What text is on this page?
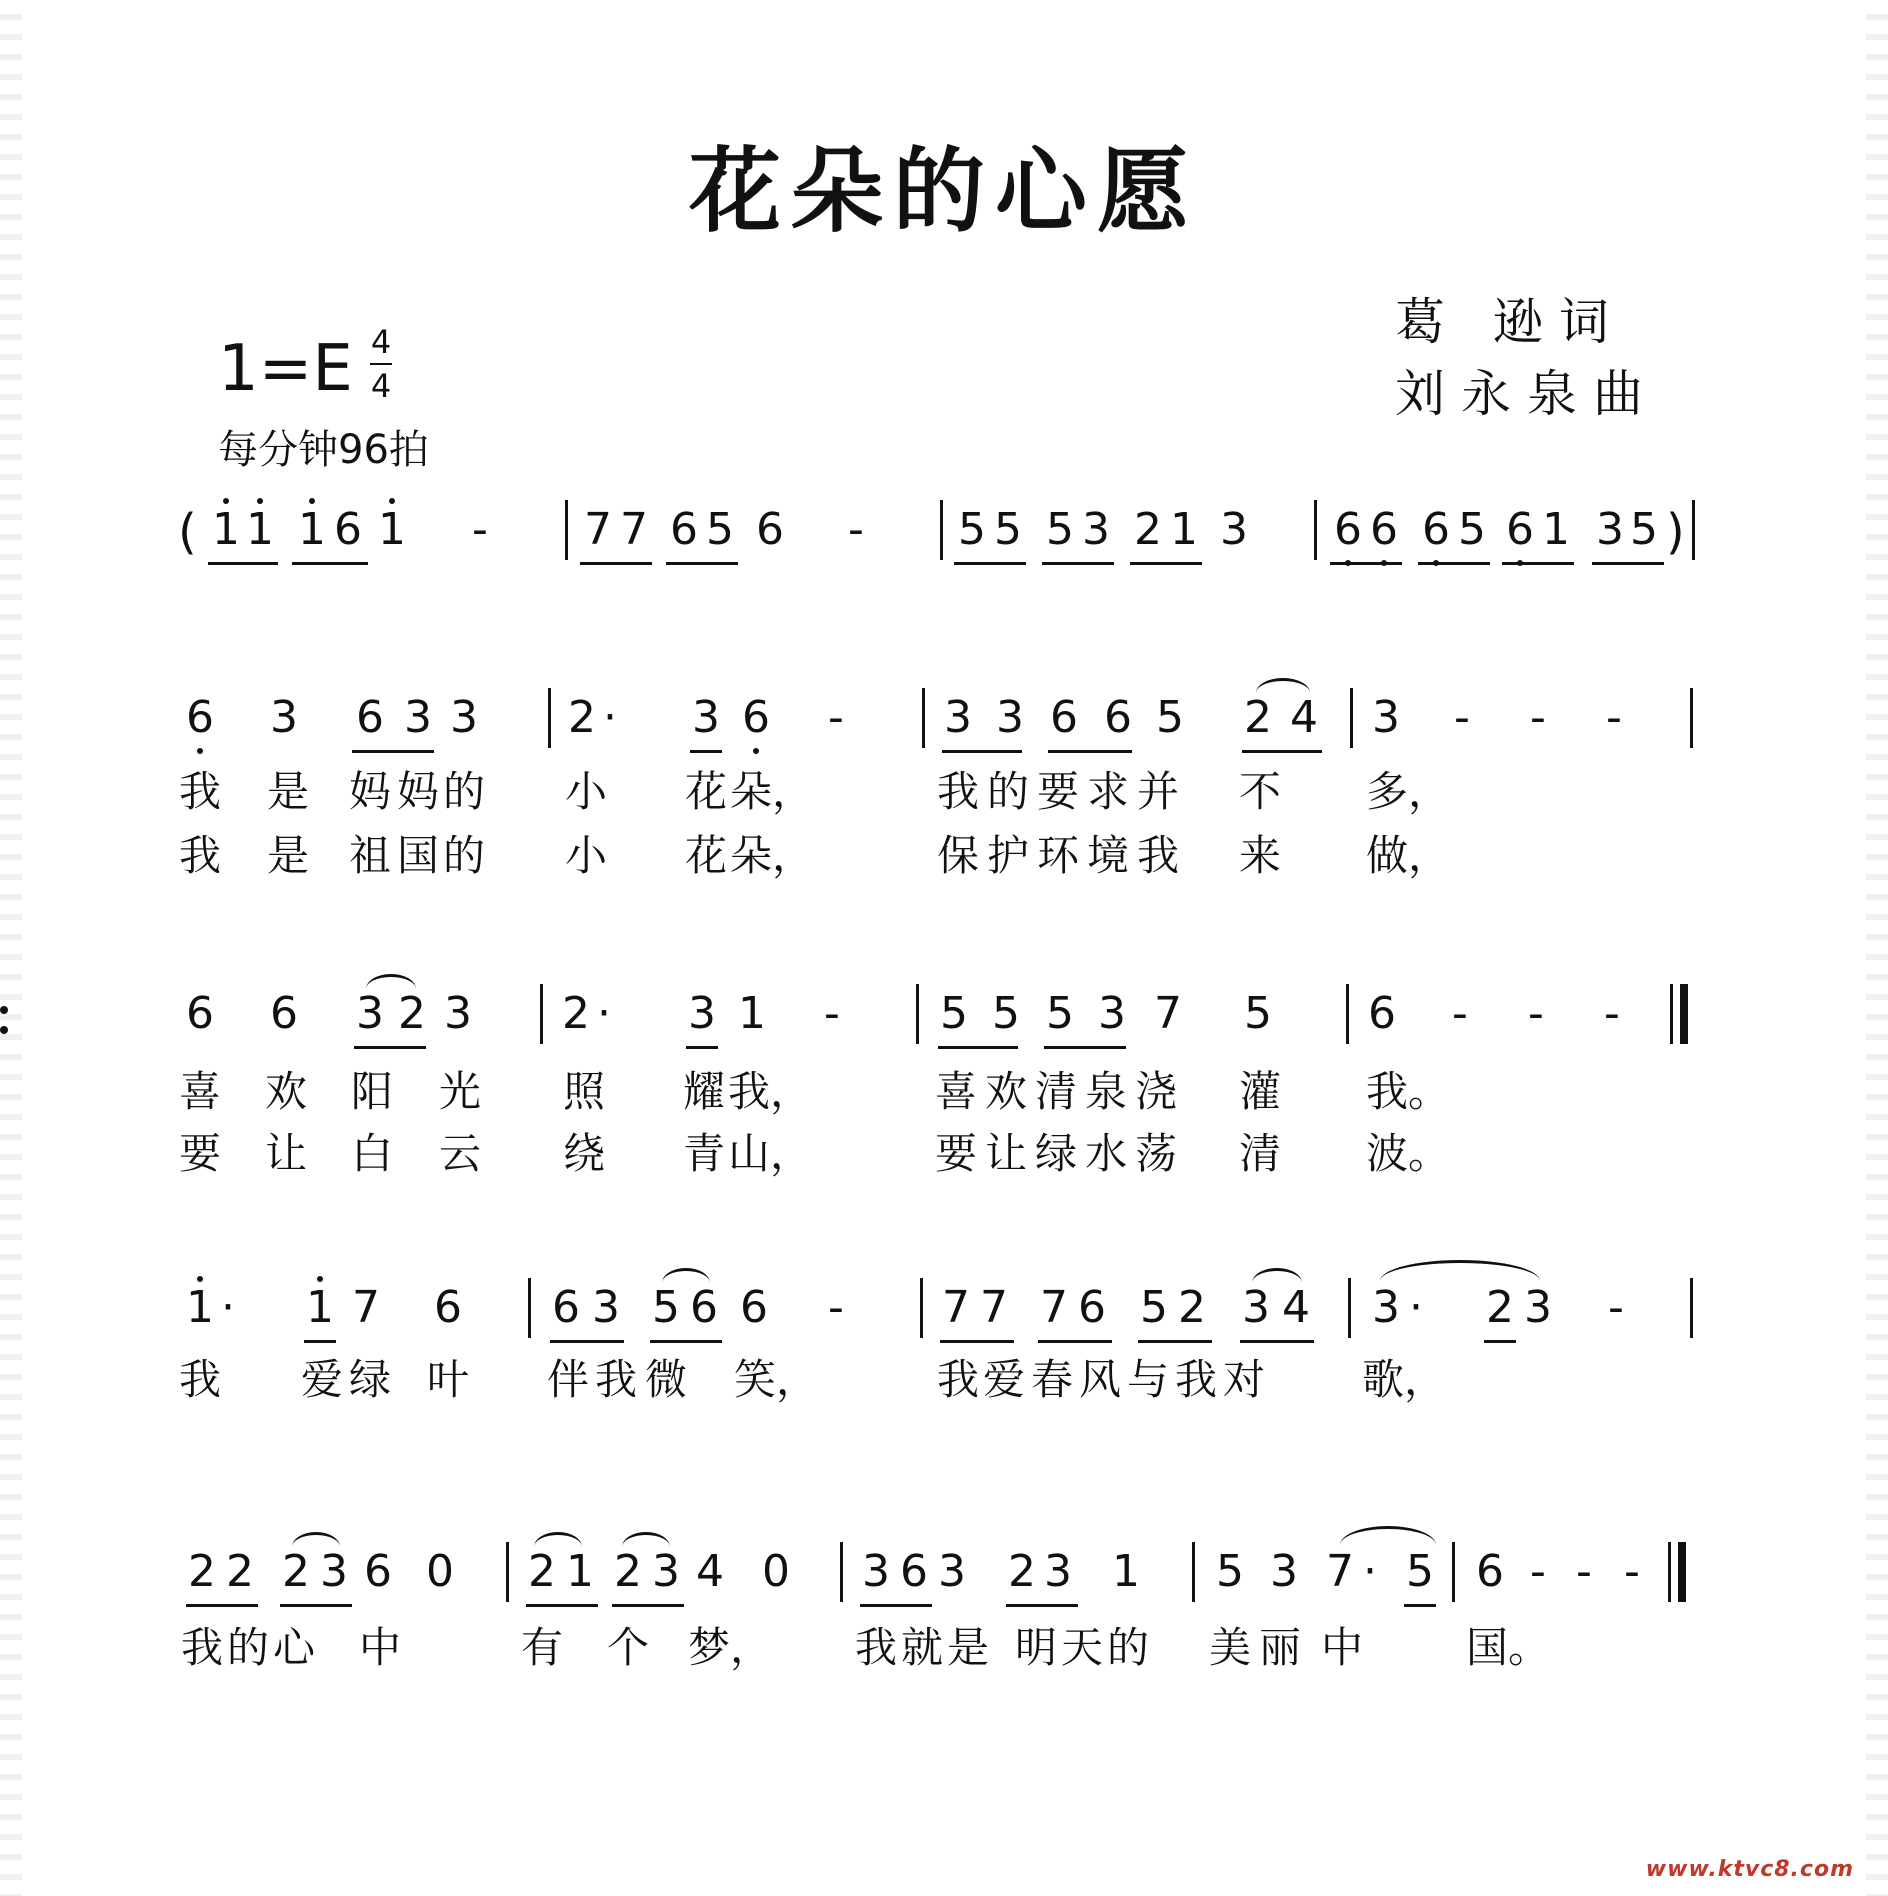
花朵的心愿
葛 逊词
刘永泉曲
1=E 4
4
每分钟96拍
( 1 1 1 6 1 - 7 7 6 5 6 - 5 5 5 3 2 1 3 6 6 6 5 6 1 3 5 )
6 3 6 3 3 2 · 3 6 - 3 3 6 6 5 2 4 3 - - -
我 是 妈 妈 的 小 花 朵，	我 的 要 求 并 不 多，
我 是 祖 国 的 小 花 朵，	保 护 环 境 我 来 做，
6 6 3 2 3 2 · 3 1 - 5 5 5 3 7 5 6 - - -
喜 欢 阳 光 照 耀 我，	喜 欢 清 泉 浇 灌 我。
要 让 白 云 绕 青 山，	要 让 绿 水 荡 清 波。
1 · 1 7 6 6 3 5 6 6 - 7 7 7 6 5 2 3 4 3 · 2 3 -
我 爱 绿 叶 伴 我 微 笑，	我 爱 春 风 与 我 对 歌，
2 2 2 3 6 0 2 1 2 3 4 0 3 6 3 2 3 1 5 3 7 · 5 6 - - -
我 的 心 中	有 个 梦， 我 就 是 明 天 的 美 丽 中 国。
www.ktvc8.com
